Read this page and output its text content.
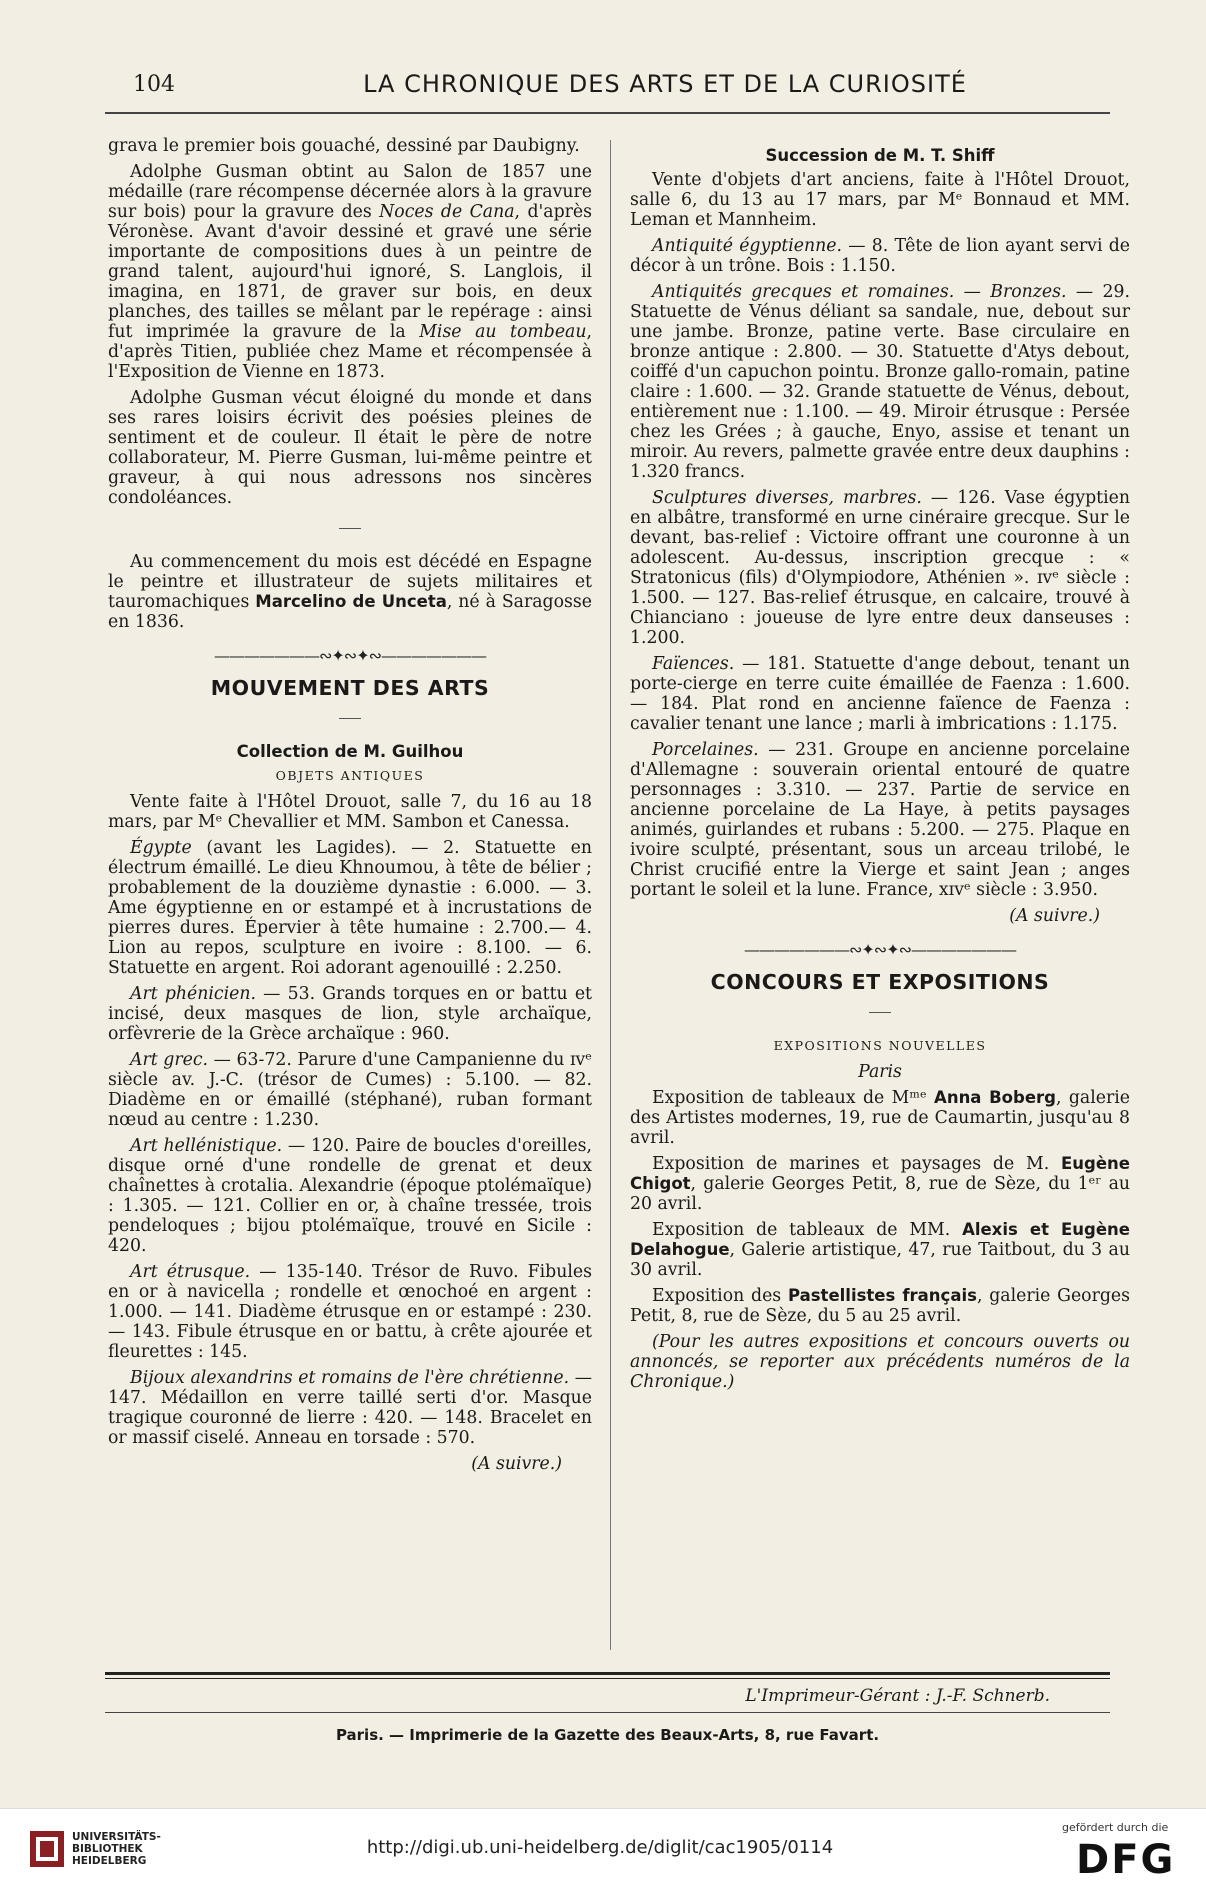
104	LA CHRONIQUE DES ARTS ET DE LA CURIOSITÉ

grava le premier bois gouaché, dessiné par Daubigny.

Adolphe Gusman obtint au Salon de 1857 une médaille (rare récompense décernée alors à la gravure sur bois) pour la gravure des Noces de Cana, d'après Véronèse. Avant d'avoir dessiné et gravé une série importante de compositions dues à un peintre de grand talent, aujourd'hui ignoré, S. Langlois, il imagina, en 1871, de graver sur bois, en deux planches, des tailles se mêlant par le repérage : ainsi fut imprimée la gravure de la Mise au tombeau, d'après Titien, publiée chez Mame et récompensée à l'Exposition de Vienne en 1873.

Adolphe Gusman vécut éloigné du monde et dans ses rares loisirs écrivit des poésies pleines de sentiment et de couleur. Il était le père de notre collaborateur, M. Pierre Gusman, lui-même peintre et graveur, à qui nous adressons nos sincères condoléances.

Au commencement du mois est décédé en Espagne le peintre et illustrateur de sujets militaires et tauromachiques Marcelino de Unceta, né à Saragosse en 1836.

———————∾✦∾✦∾———————
MOUVEMENT DES ARTS
Collection de M. Guilhou
OBJETS ANTIQUES

Vente faite à l'Hôtel Drouot, salle 7, du 16 au 18 mars, par Mᵉ Chevallier et MM. Sambon et Canessa.

Égypte (avant les Lagides). — 2. Statuette en électrum émaillé. Le dieu Khnoumou, à tête de bélier ; probablement de la douzième dynastie : 6.000. — 3. Ame égyptienne en or estampé et à incrustations de pierres dures. Épervier à tête humaine : 2.700.— 4. Lion au repos, sculpture en ivoire : 8.100. — 6. Statuette en argent. Roi adorant agenouillé : 2.250.

Art phénicien. — 53. Grands torques en or battu et incisé, deux masques de lion, style archaïque, orfèvrerie de la Grèce archaïque : 960.

Art grec. — 63-72. Parure d'une Campanienne du ɪᴠᵉ siècle av. J.-C. (trésor de Cumes) : 5.100. — 82. Diadème en or émaillé (stéphané), ruban formant nœud au centre : 1.230.

Art hellénistique. — 120. Paire de boucles d'oreilles, disque orné d'une rondelle de grenat et deux chaînettes à crotalia. Alexandrie (époque ptolémaïque) : 1.305. — 121. Collier en or, à chaîne tressée, trois pendeloques ; bijou ptolémaïque, trouvé en Sicile : 420.

Art étrusque. — 135-140. Trésor de Ruvo. Fibules en or à navicella ; rondelle et œnochoé en argent : 1.000. — 141. Diadème étrusque en or estampé : 230. — 143. Fibule étrusque en or battu, à crête ajourée et fleurettes : 145.

Bijoux alexandrins et romains de l'ère chrétienne. — 147. Médaillon en verre taillé serti d'or. Masque tragique couronné de lierre : 420. — 148. Bracelet en or massif ciselé. Anneau en torsade : 570.

(A suivre.)

Succession de M. T. Shiff

Vente d'objets d'art anciens, faite à l'Hôtel Drouot, salle 6, du 13 au 17 mars, par Mᵉ Bonnaud et MM. Leman et Mannheim.

Antiquité égyptienne. — 8. Tête de lion ayant servi de décor à un trône. Bois : 1.150.

Antiquités grecques et romaines. — Bronzes. — 29. Statuette de Vénus déliant sa sandale, nue, debout sur une jambe. Bronze, patine verte. Base circulaire en bronze antique : 2.800. — 30. Statuette d'Atys debout, coiffé d'un capuchon pointu. Bronze gallo-romain, patine claire : 1.600. — 32. Grande statuette de Vénus, debout, entièrement nue : 1.100. — 49. Miroir étrusque : Persée chez les Grées ; à gauche, Enyo, assise et tenant un miroir. Au revers, palmette gravée entre deux dauphins : 1.320 francs.

Sculptures diverses, marbres. — 126. Vase égyptien en albâtre, transformé en urne cinéraire grecque. Sur le devant, bas-relief : Victoire offrant une couronne à un adolescent. Au-dessus, inscription grecque : « Stratonicus (fils) d'Olympiodore, Athénien ». ɪᴠᵉ siècle : 1.500. — 127. Bas-relief étrusque, en calcaire, trouvé à Chianciano : joueuse de lyre entre deux danseuses : 1.200.

Faïences. — 181. Statuette d'ange debout, tenant un porte-cierge en terre cuite émaillée de Faenza : 1.600. — 184. Plat rond en ancienne faïence de Faenza : cavalier tenant une lance ; marli à imbrications : 1.175.

Porcelaines. — 231. Groupe en ancienne porcelaine d'Allemagne : souverain oriental entouré de quatre personnages : 3.310. — 237. Partie de service en ancienne porcelaine de La Haye, à petits paysages animés, guirlandes et rubans : 5.200. — 275. Plaque en ivoire sculpté, présentant, sous un arceau trilobé, le Christ crucifié entre la Vierge et saint Jean ; anges portant le soleil et la lune. France, xɪᴠᵉ siècle : 3.950.

(A suivre.)

———————∾✦∾✦∾———————
CONCOURS ET EXPOSITIONS
EXPOSITIONS NOUVELLES
Paris

Exposition de tableaux de Mᵐᵉ Anna Boberg, galerie des Artistes modernes, 19, rue de Caumartin, jusqu'au 8 avril.

Exposition de marines et paysages de M. Eugène Chigot, galerie Georges Petit, 8, rue de Sèze, du 1ᵉʳ au 20 avril.

Exposition de tableaux de MM. Alexis et Eugène Delahogue, Galerie artistique, 47, rue Taitbout, du 3 au 30 avril.

Exposition des Pastellistes français, galerie Georges Petit, 8, rue de Sèze, du 5 au 25 avril.

(Pour les autres expositions et concours ouverts ou annoncés, se reporter aux précédents numéros de la Chronique.)

L'Imprimeur-Gérant : J.-F. Schnerb.
Paris. — Imprimerie de la Gazette des Beaux-Arts, 8, rue Favart.
UNIVERSITÄTS-
BIBLIOTHEK
HEIDELBERG
http://digi.ub.uni-heidelberg.de/diglit/cac1905/0114
gefördert durch die
DFG
